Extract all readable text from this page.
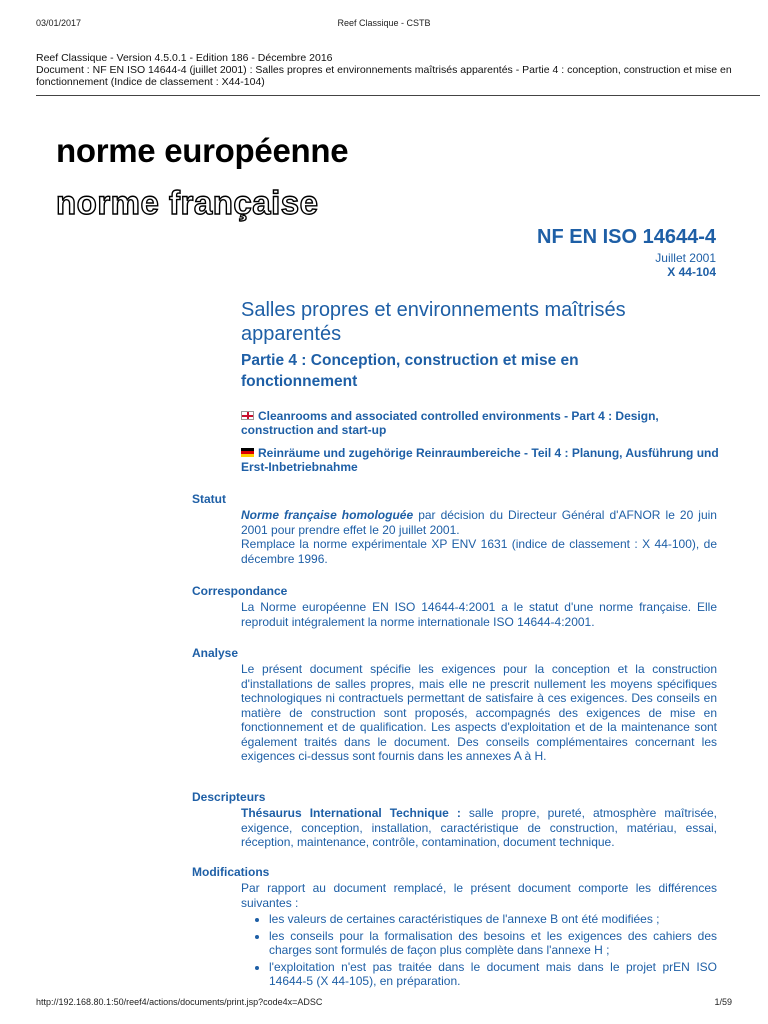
03/01/2017	Reef Classique - CSTB
Reef Classique - Version 4.5.0.1 - Edition 186 - Décembre 2016
Document : NF EN ISO 14644-4 (juillet 2001) : Salles propres et environnements maîtrisés apparentés - Partie 4 : conception, construction et mise en fonctionnement (Indice de classement : X44-104)
norme européenne
norme française
NF EN ISO 14644-4
Juillet 2001
X 44-104
Salles propres et environnements maîtrisés apparentés
Partie 4 : Conception, construction et mise en fonctionnement
Cleanrooms and associated controlled environments - Part 4 : Design, construction and start-up
Reinräume und zugehörige Reinraumbereiche - Teil 4 : Planung, Ausführung und Erst-Inbetriebnahme
Statut

Norme française homologuée par décision du Directeur Général d'AFNOR le 20 juin 2001 pour prendre effet le 20 juillet 2001.

Remplace la norme expérimentale XP ENV 1631 (indice de classement : X 44-100), de décembre 1996.

Correspondance
La Norme européenne EN ISO 14644-4:2001 a le statut d'une norme française. Elle reproduit intégralement la norme internationale ISO 14644-4:2001.
Analyse
Le présent document spécifie les exigences pour la conception et la construction d'installations de salles propres, mais elle ne prescrit nullement les moyens spécifiques technologiques ni contractuels permettant de satisfaire à ces exigences. Des conseils en matière de construction sont proposés, accompagnés des exigences de mise en fonctionnement et de qualification. Les aspects d'exploitation et de la maintenance sont également traités dans le document. Des conseils complémentaires concernant les exigences ci-dessus sont fournis dans les annexes A à H.
Descripteurs

Thésaurus International Technique : salle propre, pureté, atmosphère maîtrisée, exigence, conception, installation, caractéristique de construction, matériau, essai, réception, maintenance, contrôle, contamination, document technique.

Modifications

Par rapport au document remplacé, le présent document comporte les différences suivantes :

• les valeurs de certaines caractéristiques de l'annexe B ont été modifiées ;
• les conseils pour la formalisation des besoins et les exigences des cahiers des charges sont formulés de façon plus complète dans l'annexe H ;
• l'exploitation n'est pas traitée dans le document mais dans le projet prEN ISO 14644-5 (X 44-105), en préparation.
http://192.168.80.1:50/reef4/actions/documents/print.jsp?code4x=ADSC	1/59
